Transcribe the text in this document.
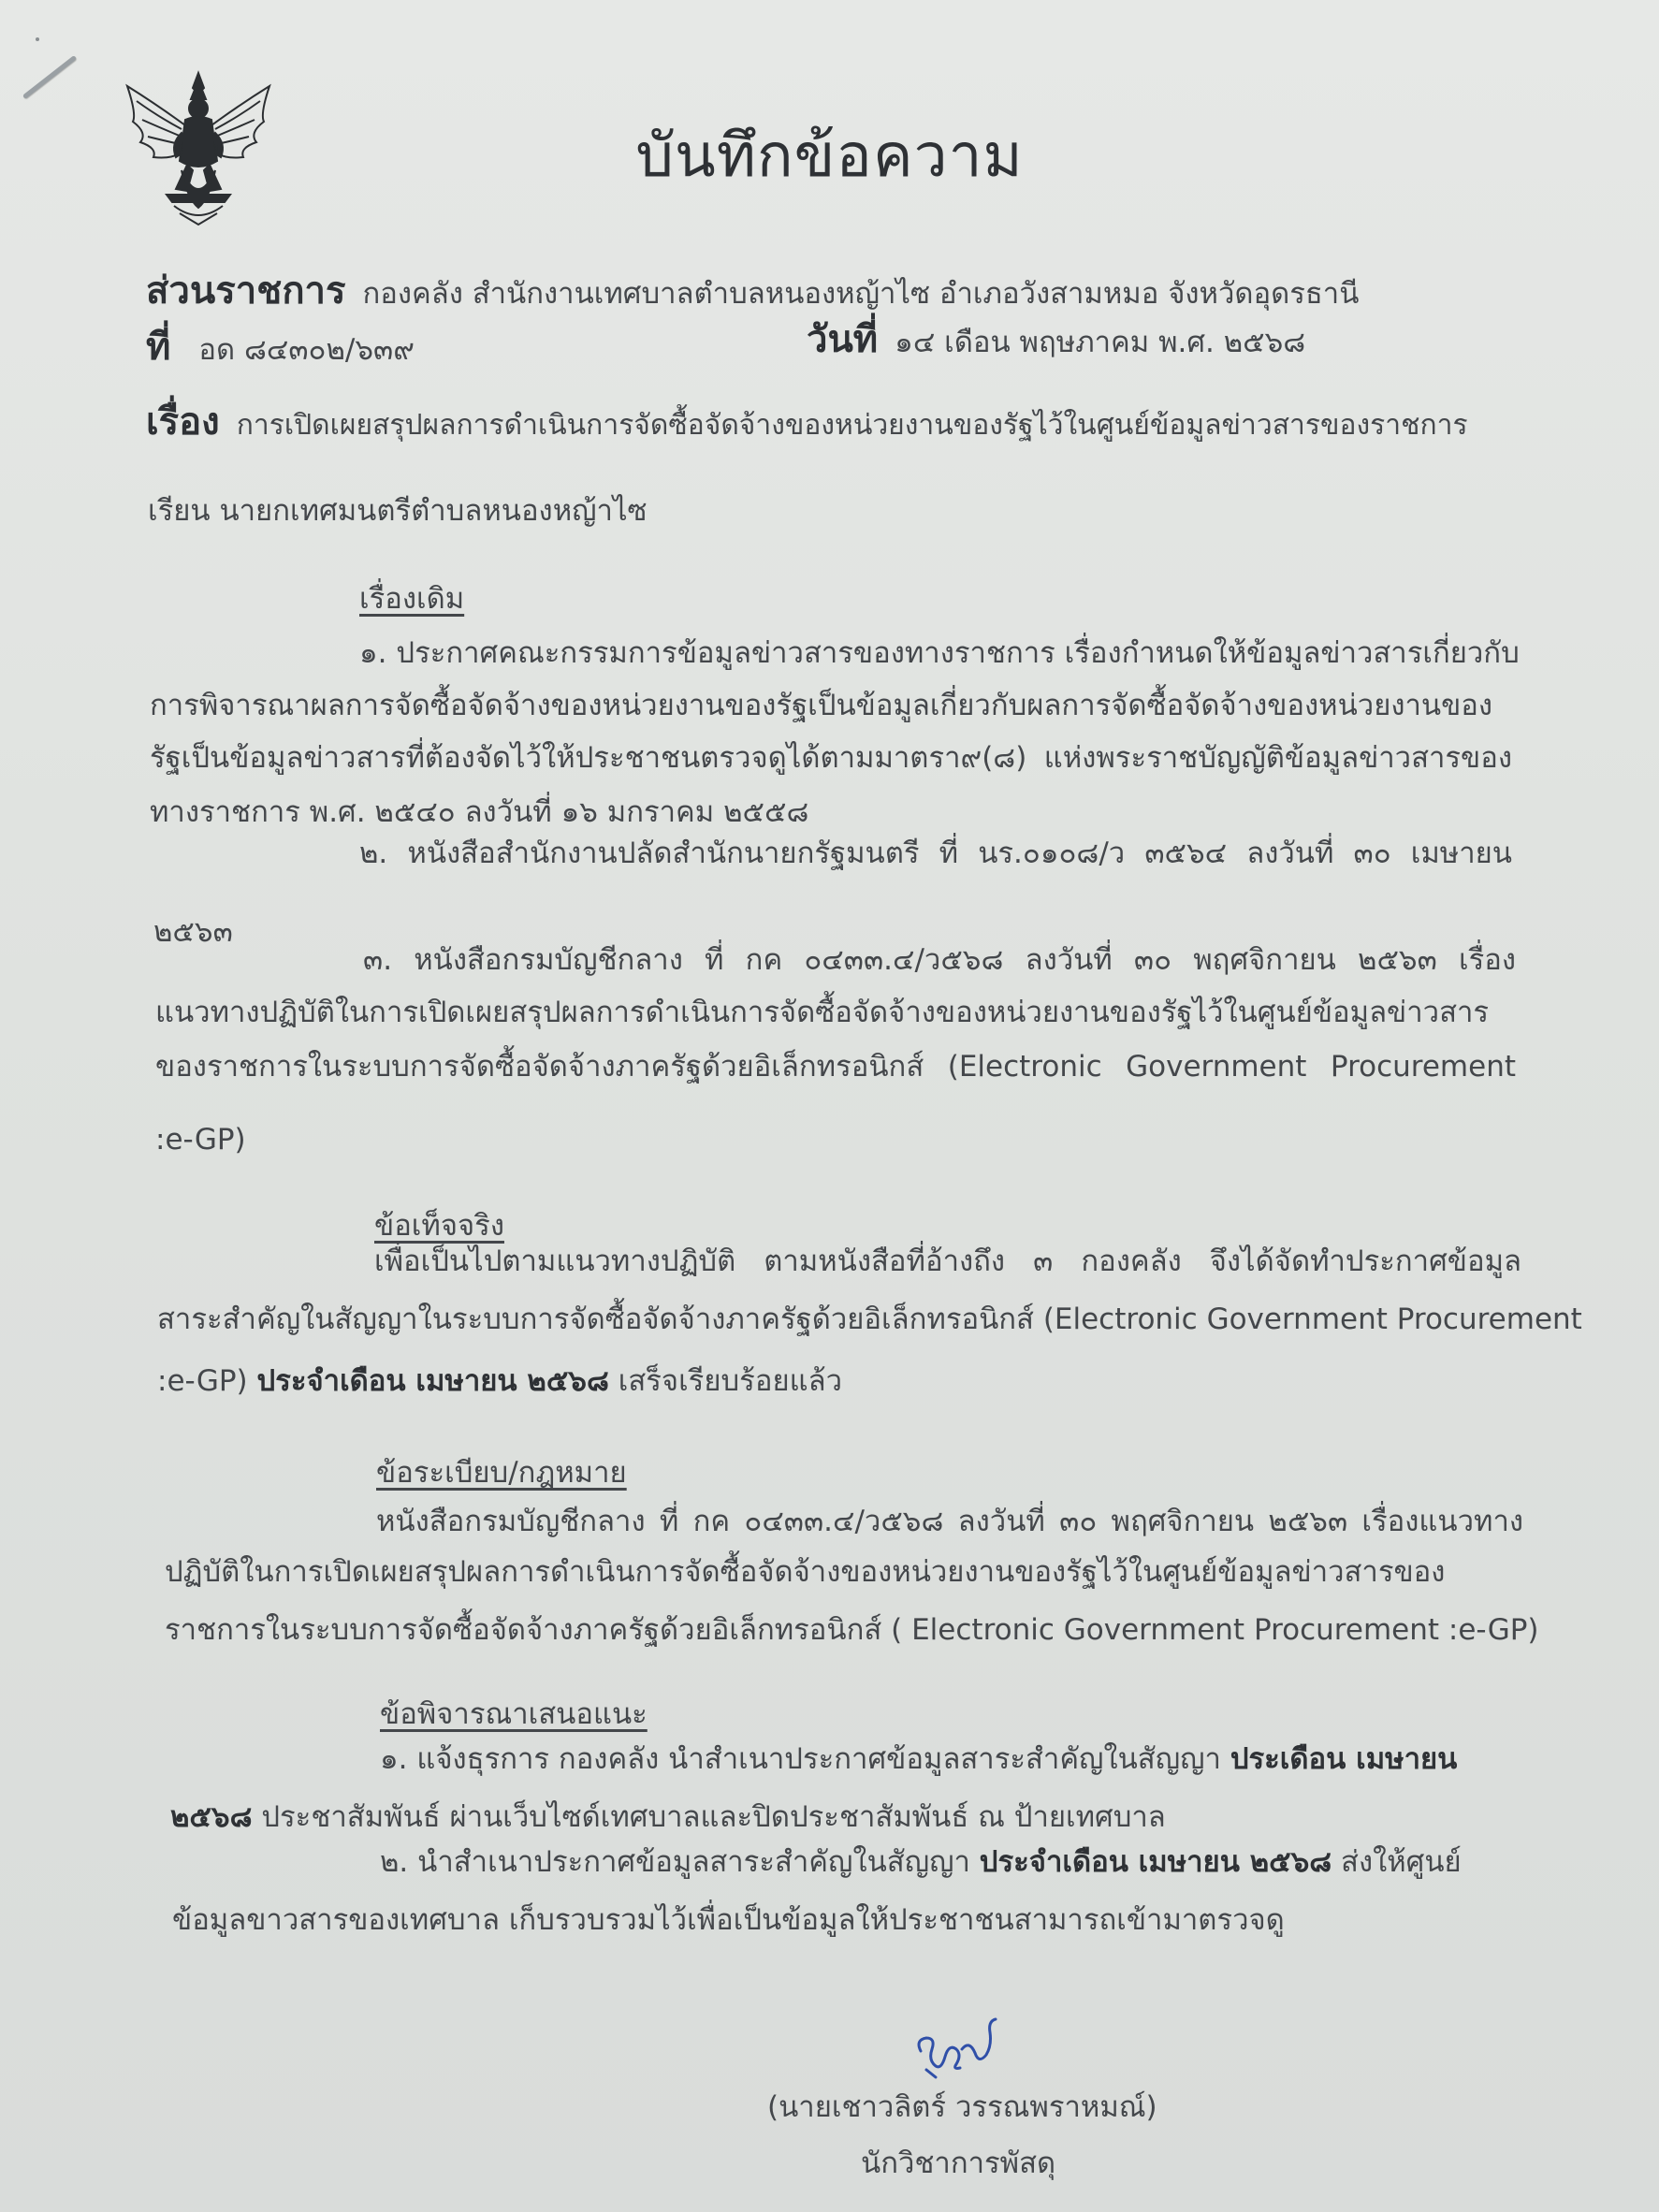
บันทึกข้อความ
ส่วนราชการ กองคลัง สำนักงานเทศบาลตำบลหนองหญ้าไซ อำเภอวังสามหมอ จังหวัดอุดรธานี
ที่ อด ๘๔๓๐๒/๖๓๙	วันที่ ๑๔ เดือน พฤษภาคม พ.ศ. ๒๕๖๘
เรื่อง การเปิดเผยสรุปผลการดำเนินการจัดซื้อจัดจ้างของหน่วยงานของรัฐไว้ในศูนย์ข้อมูลข่าวสารของราชการ
เรียน นายกเทศมนตรีตำบลหนองหญ้าไซ
เรื่องเดิม
๑. ประกาศคณะกรรมการข้อมูลข่าวสารของทางราชการ เรื่องกำหนดให้ข้อมูลข่าวสารเกี่ยวกับ
การพิจารณาผลการจัดซื้อจัดจ้างของหน่วยงานของรัฐเป็นข้อมูลเกี่ยวกับผลการจัดซื้อจัดจ้างของหน่วยงานของ
รัฐเป็นข้อมูลข่าวสารที่ต้องจัดไว้ให้ประชาชนตรวจดูได้ตามมาตรา๙(๘) แห่งพระราชบัญญัติข้อมูลข่าวสารของ
ทางราชการ พ.ศ. ๒๕๔๐ ลงวันที่ ๑๖ มกราคม ๒๕๕๘
๒. หนังสือสำนักงานปลัดสำนักนายกรัฐมนตรี ที่ นร.๐๑๐๘/ว ๓๕๖๔ ลงวันที่ ๓๐ เมษายน
๒๕๖๓
๓. หนังสือกรมบัญชีกลาง ที่ กค ๐๔๓๓.๔/ว๕๖๘ ลงวันที่ ๓๐ พฤศจิกายน ๒๕๖๓ เรื่อง
แนวทางปฏิบัติในการเปิดเผยสรุปผลการดำเนินการจัดซื้อจัดจ้างของหน่วยงานของรัฐไว้ในศูนย์ข้อมูลข่าวสาร
ของราชการในระบบการจัดซื้อจัดจ้างภาครัฐด้วยอิเล็กทรอนิกส์ (Electronic Government Procurement
:e-GP)
ข้อเท็จจริง
เพื่อเป็นไปตามแนวทางปฏิบัติ ตามหนังสือที่อ้างถึง ๓ กองคลัง จึงได้จัดทำประกาศข้อมูล
สาระสำคัญในสัญญาในระบบการจัดซื้อจัดจ้างภาครัฐด้วยอิเล็กทรอนิกส์ (Electronic Government Procurement
:e-GP) ประจำเดือน เมษายน ๒๕๖๘ เสร็จเรียบร้อยแล้ว
ข้อระเบียบ/กฎหมาย
หนังสือกรมบัญชีกลาง ที่ กค ๐๔๓๓.๔/ว๕๖๘ ลงวันที่ ๓๐ พฤศจิกายน ๒๕๖๓ เรื่องแนวทาง
ปฏิบัติในการเปิดเผยสรุปผลการดำเนินการจัดซื้อจัดจ้างของหน่วยงานของรัฐไว้ในศูนย์ข้อมูลข่าวสารของ
ราชการในระบบการจัดซื้อจัดจ้างภาครัฐด้วยอิเล็กทรอนิกส์ ( Electronic Government Procurement :e-GP)
ข้อพิจารณาเสนอแนะ
๑. แจ้งธุรการ กองคลัง นำสำเนาประกาศข้อมูลสาระสำคัญในสัญญา ประเดือน เมษายน
๒๕๖๘ ประชาสัมพันธ์ ผ่านเว็บไซด์เทศบาลและปิดประชาสัมพันธ์ ณ ป้ายเทศบาล
๒. นำสำเนาประกาศข้อมูลสาระสำคัญในสัญญา ประจำเดือน เมษายน ๒๕๖๘ ส่งให้ศูนย์
ข้อมูลขาวสารของเทศบาล เก็บรวบรวมไว้เพื่อเป็นข้อมูลให้ประชาชนสามารถเข้ามาตรวจดู
(นายเชาวลิตร์ วรรณพราหมณ์)
นักวิชาการพัสดุ
